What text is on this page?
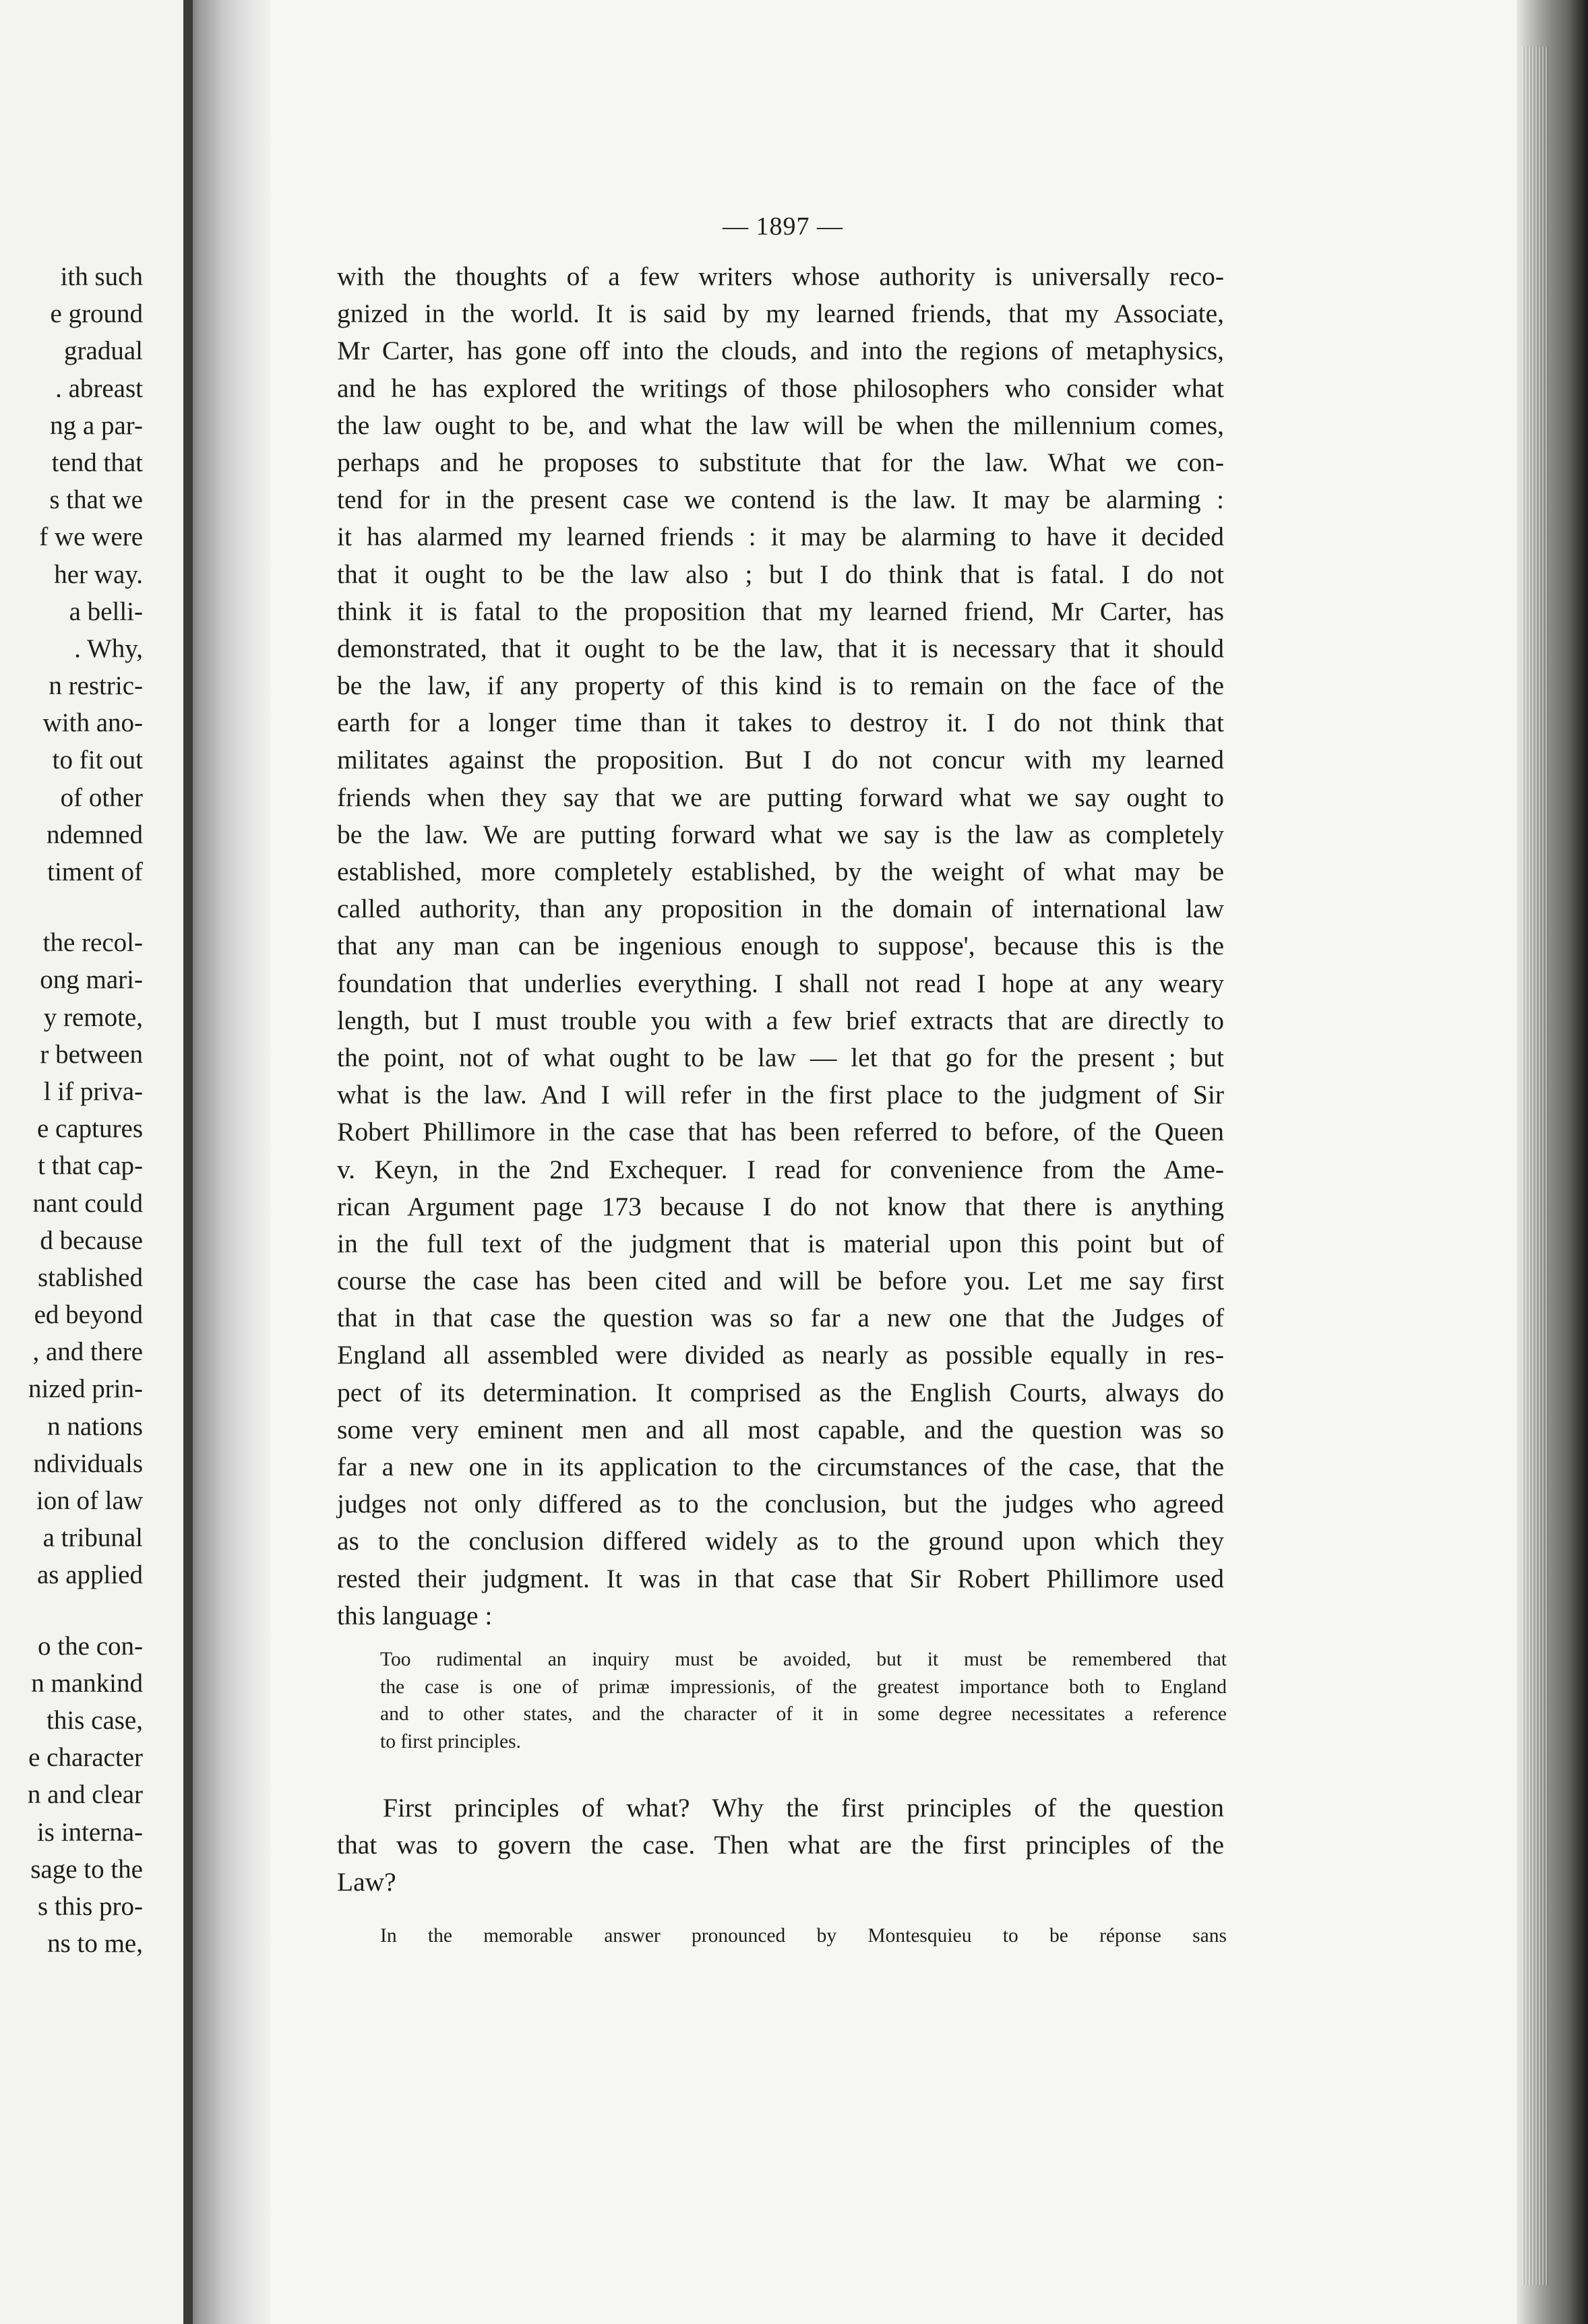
ith such
e ground
gradual
. abreast
ng a par-
tend that
s that we
f we were
her way.
a belli-
. Why,
n restric-
with ano-
to fit out
of other
ndemned
timent of
the recol-
ong mari-
y remote,
r between
l if priva-
e captures
t that cap-
nant could
d because
stablished
ed beyond
, and there
nized prin-
n nations
ndividuals
ion of law
a tribunal
as applied
o the con-
n mankind
this case,
e character
n and clear
is interna-
sage to the
s this pro-
ns to me,
— 1897 —
with the thoughts of a few writers whose authority is universally reco-
gnized in the world. It is said by my learned friends, that my Associate,
Mr Carter, has gone off into the clouds, and into the regions of metaphysics,
and he has explored the writings of those philosophers who consider what
the law ought to be, and what the law will be when the millennium comes,
perhaps and he proposes to substitute that for the law. What we con-
tend for in the present case we contend is the law. It may be alarming :
it has alarmed my learned friends : it may be alarming to have it decided
that it ought to be the law also ; but I do think that is fatal. I do not
think it is fatal to the proposition that my learned friend, Mr Carter, has
demonstrated, that it ought to be the law, that it is necessary that it should
be the law, if any property of this kind is to remain on the face of the
earth for a longer time than it takes to destroy it. I do not think that
militates against the proposition. But I do not concur with my learned
friends when they say that we are putting forward what we say ought to
be the law. We are putting forward what we say is the law as completely
established, more completely established, by the weight of what may be
called authority, than any proposition in the domain of international law
that any man can be ingenious enough to suppose', because this is the
foundation that underlies everything. I shall not read I hope at any weary
length, but I must trouble you with a few brief extracts that are directly to
the point, not of what ought to be law — let that go for the present ; but
what is the law. And I will refer in the first place to the judgment of Sir
Robert Phillimore in the case that has been referred to before, of the Queen
v. Keyn, in the 2nd Exchequer. I read for convenience from the Ame-
rican Argument page 173 because I do not know that there is anything
in the full text of the judgment that is material upon this point but of
course the case has been cited and will be before you. Let me say first
that in that case the question was so far a new one that the Judges of
England all assembled were divided as nearly as possible equally in res-
pect of its determination. It comprised as the English Courts, always do
some very eminent men and all most capable, and the question was so
far a new one in its application to the circumstances of the case, that the
judges not only differed as to the conclusion, but the judges who agreed
as to the conclusion differed widely as to the ground upon which they
rested their judgment. It was in that case that Sir Robert Phillimore used
this language :
Too rudimental an inquiry must be avoided, but it must be remembered that
the case is one of primæ impressionis, of the greatest importance both to England
and to other states, and the character of it in some degree necessitates a reference
to first principles.
First principles of what? Why the first principles of the question
that was to govern the case. Then what are the first principles of the
Law?
In the memorable answer pronounced by Montesquieu to be réponse sans
